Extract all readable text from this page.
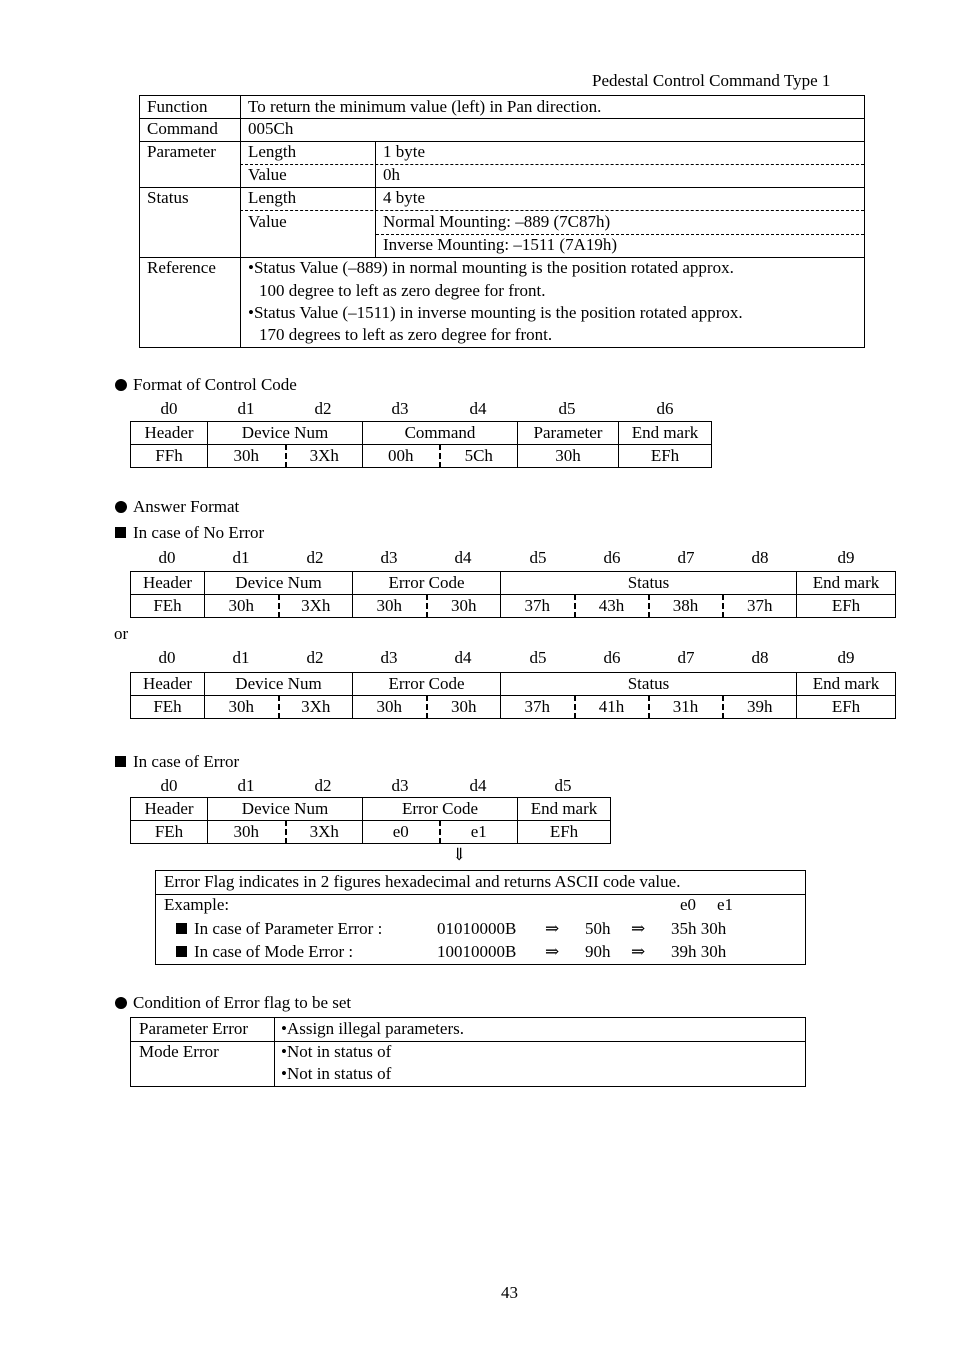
Pedestal Control Command Type 1
Function To return the minimum value (left) in Pan direction.
Command 005Ch
Parameter Length	1 byte
Value	0h
Status	Length	4 byte
Value	Normal Mounting: –889 (7C87h)
Inverse Mounting: –1511 (7A19h)
Reference •Status Value (–889) in normal mounting is the position rotated approx.
100 degree to left as zero degree for front.
•Status Value (–1511) in inverse mounting is the position rotated approx.
170 degrees to left as zero degree for front.
Format of Control Code
d0	d1	d2	d3	d4	d5	d6
Header	Device Num		Command		Parameter	End mark
FFh	30h	3Xh	00h	5Ch	30h	EFh
Answer Format
In case of No Error
d0	d1	d2	d3	d4	d5	d6	d7	d8	d9
Header	Device Num		Error Code		Status				End mark
FEh	30h	3Xh	30h	30h	37h	43h	38h	37h	EFh
or
d0	d1	d2	d3	d4	d5	d6	d7	d8	d9
Header	Device Num		Error Code		Status				End mark
FEh	30h	3Xh	30h	30h	37h	41h	31h	39h	EFh
In case of Error
d0	d1	d2	d3	d4	d5
Header	Device Num		Error Code		End mark
FEh	30h	3Xh	e0	e1	EFh
⇓
Error Flag indicates in 2 figures hexadecimal and returns ASCII code value.
Example:	e0 e1
In case of Parameter Error :	01010000B ⇒ 50h ⇒ 35h 30h
In case of Mode Error :	10010000B ⇒ 90h ⇒ 39h 30h
Condition of Error flag to be set
Parameter Error •Assign illegal parameters.
Mode Error	•Not in status of
•Not in status of
43
